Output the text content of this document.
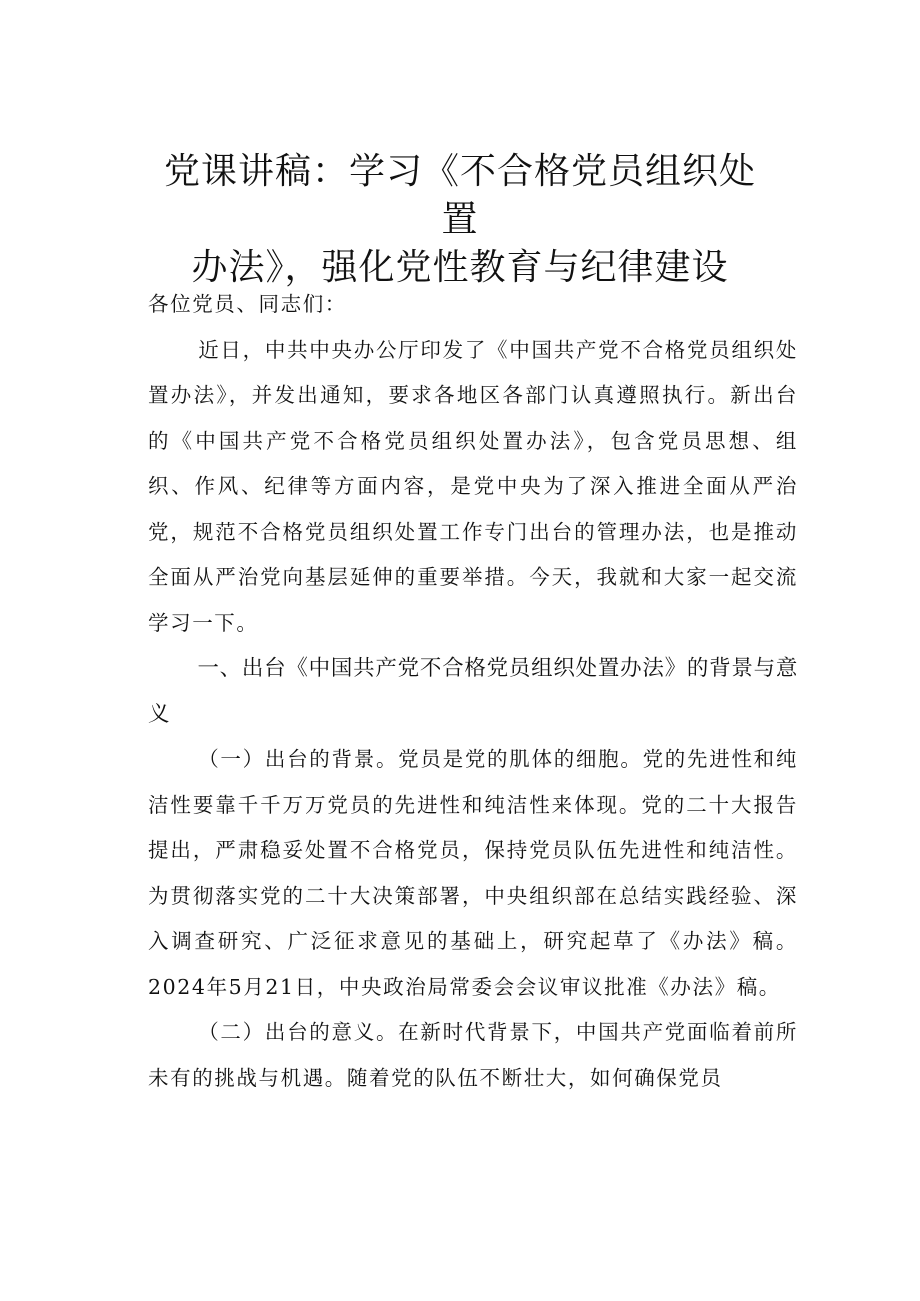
党课讲稿：学习《不合格党员组织处置
办法》，强化党性教育与纪律建设

各位党员、同志们：

近日，中共中央办公厅印发了《中国共产党不合格党员组织处置办法》，并发出通知，要求各地区各部门认真遵照执行。新出台的《中国共产党不合格党员组织处置办法》，包含党员思想、组织、作风、纪律等方面内容，是党中央为了深入推进全面从严治党，规范不合格党员组织处置工作专门出台的管理办法，也是推动全面从严治党向基层延伸的重要举措。今天，我就和大家一起交流学习一下。

一、出台《中国共产党不合格党员组织处置办法》的背景与意义

（一）出台的背景。党员是党的肌体的细胞。党的先进性和纯洁性要靠千千万万党员的先进性和纯洁性来体现。党的二十大报告提出，严肃稳妥处置不合格党员，保持党员队伍先进性和纯洁性。为贯彻落实党的二十大决策部署，中央组织部在总结实践经验、深入调查研究、广泛征求意见的基础上，研究起草了《办法》稿。2024年5月21日，中央政治局常委会会议审议批准《办法》稿。

（二）出台的意义。在新时代背景下，中国共产党面临着前所未有的挑战与机遇。随着党的队伍不断壮大，如何确保党员
